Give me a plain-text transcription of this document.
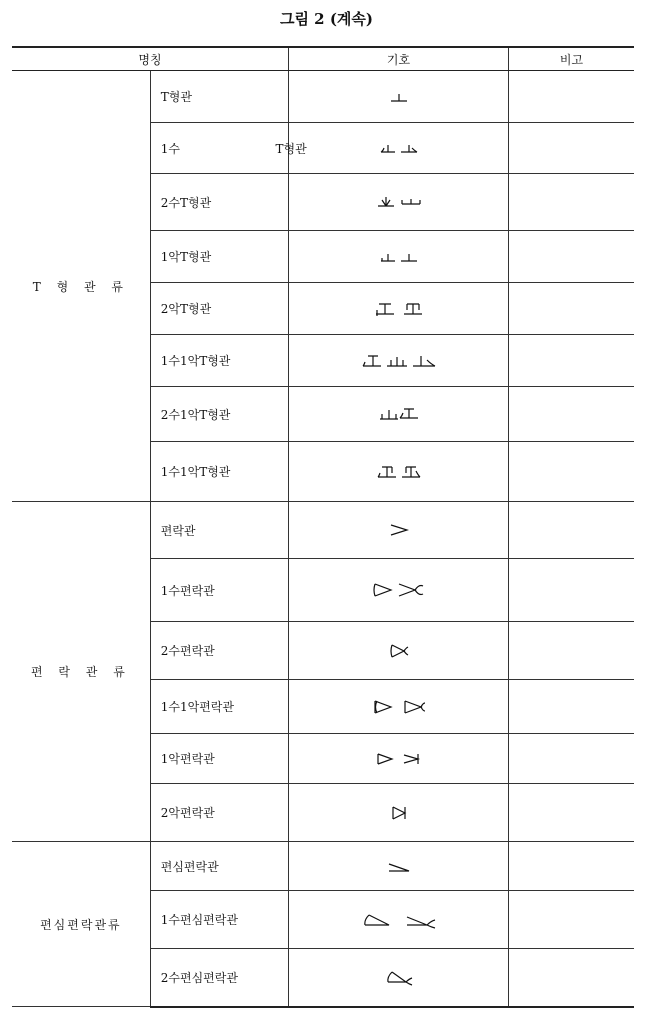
그림 2 (계속)
명칭		기호	비고
T 형 관 류	T형관		
	1수 T형관

	2수T형관		
	1악T형관		
	2악T형관		
	1수1악T형관		
	2수1악T형관		
	1수1악T형관		
편 락 관 류	편락관		
	1수편락관		
	2수편락관		
	1수1악편락관		
	1악편락관		
	2악편락관		
편심편락관류	편심편락관		
	1수편심편락관		
	2수편심편락관		
